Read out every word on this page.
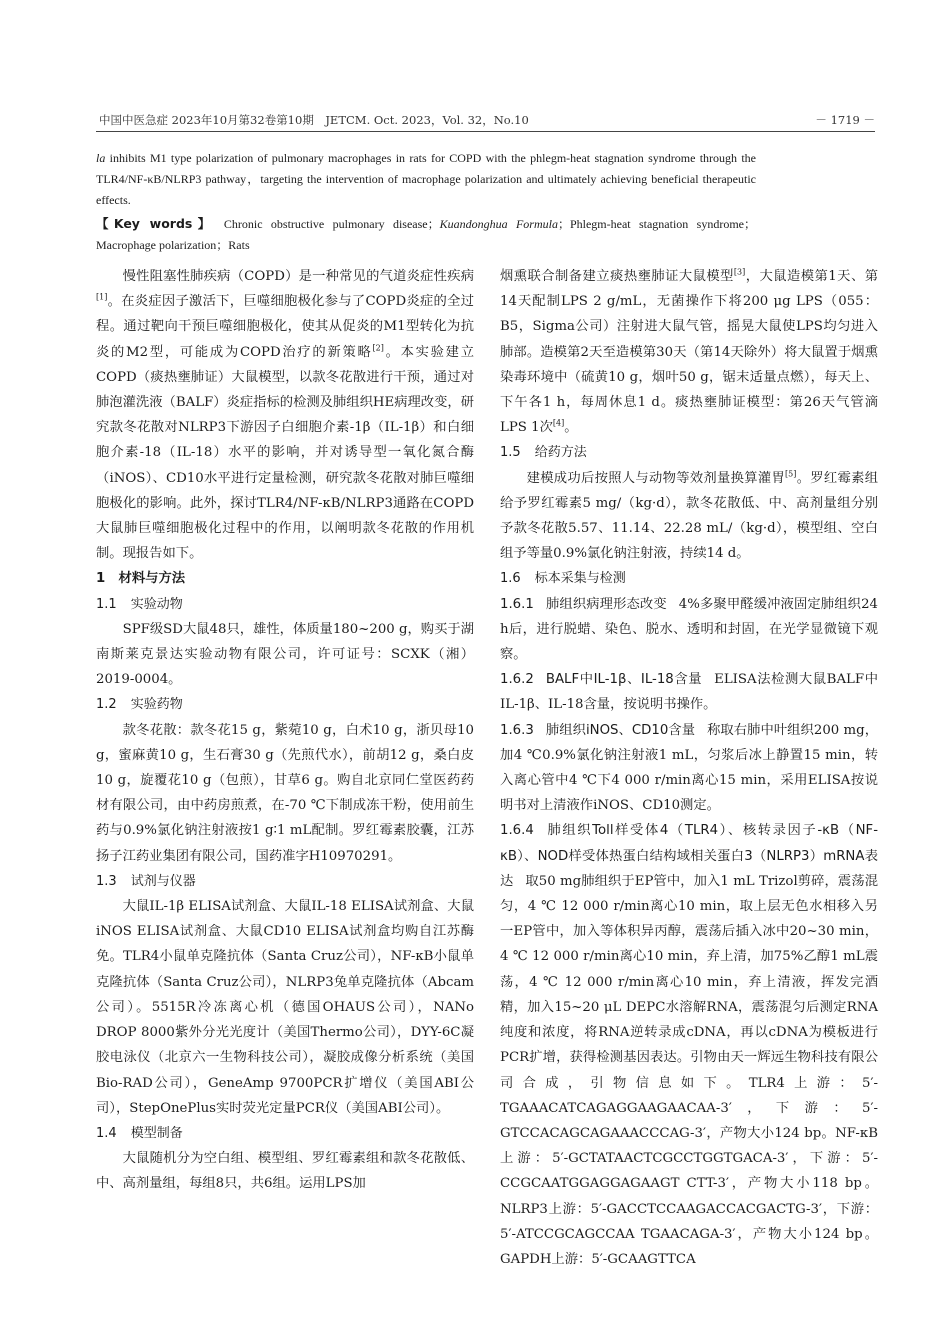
中国中医急症 2023年10月第32卷第10期　JETCM. Oct. 2023，Vol. 32，No.10	－ 1719 －

la inhibits M1 type polarization of pulmonary macrophages in rats for COPD with the phlegm-heat stagnation syndrome through the TLR4/NF-κB/NLRP3 pathway，targeting the intervention of macrophage polarization and ultimately achieving beneficial therapeutic effects.

【Key words】 Chronic obstructive pulmonary disease；Kuandonghua Formula；Phlegm-heat stagnation syndrome；Macrophage polarization；Rats

慢性阻塞性肺疾病（COPD）是一种常见的气道炎症性疾病[1]。在炎症因子激活下，巨噬细胞极化参与了COPD炎症的全过程。通过靶向干预巨噬细胞极化，使其从促炎的M1型转化为抗炎的M2型，可能成为COPD治疗的新策略[2]。本实验建立COPD（痰热壅肺证）大鼠模型，以款冬花散进行干预，通过对肺泡灌洗液（BALF）炎症指标的检测及肺组织HE病理改变，研究款冬花散对NLRP3下游因子白细胞介素-1β（IL-1β）和白细胞介素-18（IL-18）水平的影响，并对诱导型一氧化氮合酶（iNOS）、CD10水平进行定量检测，研究款冬花散对肺巨噬细胞极化的影响。此外，探讨TLR4/NF-κB/NLRP3通路在COPD大鼠肺巨噬细胞极化过程中的作用，以阐明款冬花散的作用机制。现报告如下。

1　材料与方法

1.1 实验动物

SPF级SD大鼠48只，雄性，体质量180~200 g，购买于湖南斯莱克景达实验动物有限公司，许可证号：SCXK（湘）2019-0004。

1.2 实验药物

款冬花散：款冬花15 g，紫菀10 g，白术10 g，浙贝母10 g，蜜麻黄10 g，生石膏30 g（先煎代水），前胡12 g，桑白皮10 g，旋覆花10 g（包煎），甘草6 g。购自北京同仁堂医药药材有限公司，由中药房煎煮，在-70 ℃下制成冻干粉，使用前生药与0.9%氯化钠注射液按1 g∶1 mL配制。罗红霉素胶囊，江苏扬子江药业集团有限公司，国药准字H10970291。

1.3 试剂与仪器

大鼠IL-1β ELISA试剂盒、大鼠IL-18 ELISA试剂盒、大鼠iNOS ELISA试剂盒、大鼠CD10 ELISA试剂盒均购自江苏酶免。TLR4小鼠单克隆抗体（Santa Cruz公司），NF-κB小鼠单克隆抗体（Santa Cruz公司），NLRP3兔单克隆抗体（Abcam公司）。5515R冷冻离心机（德国OHAUS公司），NANo DROP 8000紫外分光光度计（美国Thermo公司），DYY-6C凝胶电泳仪（北京六一生物科技公司），凝胶成像分析系统（美国Bio-RAD公司），GeneAmp 9700PCR扩增仪（美国ABI公司），StepOnePlus实时荧光定量PCR仪（美国ABI公司）。

1.4 模型制备

大鼠随机分为空白组、模型组、罗红霉素组和款冬花散低、中、高剂量组，每组8只，共6组。运用LPS加

烟熏联合制备建立痰热壅肺证大鼠模型[3]，大鼠造模第1天、第14天配制LPS 2 g/mL，无菌操作下将200 μg LPS（055：B5，Sigma公司）注射进大鼠气管，摇晃大鼠使LPS均匀进入肺部。造模第2天至造模第30天（第14天除外）将大鼠置于烟熏染毒环境中（硫黄10 g，烟叶50 g，锯末适量点燃），每天上、下午各1 h，每周休息1 d。痰热壅肺证模型：第26天气管滴LPS 1次[4]。

1.5 给药方法

建模成功后按照人与动物等效剂量换算灌胃[5]。罗红霉素组给予罗红霉素5 mg/（kg·d），款冬花散低、中、高剂量组分别予款冬花散5.57、11.14、22.28 mL/（kg·d），模型组、空白组予等量0.9%氯化钠注射液，持续14 d。

1.6 标本采集与检测

1.6.1 肺组织病理形态改变 4%多聚甲醛缓冲液固定肺组织24 h后，进行脱蜡、染色、脱水、透明和封固，在光学显微镜下观察。

1.6.2 BALF中IL-1β、IL-18含量 ELISA法检测大鼠BALF中IL-1β、IL-18含量，按说明书操作。

1.6.3 肺组织iNOS、CD10含量 称取右肺中叶组织200 mg，加4 ℃0.9%氯化钠注射液1 mL，匀浆后冰上静置15 min，转入离心管中4 ℃下4 000 r/min离心15 min，采用ELISA按说明书对上清液作iNOS、CD10测定。

1.6.4 肺组织Toll样受体4（TLR4）、核转录因子-κB（NF-κB）、NOD样受体热蛋白结构域相关蛋白3（NLRP3）mRNA表达 取50 mg肺组织于EP管中，加入1 mL Trizol剪碎，震荡混匀，4 ℃ 12 000 r/min离心10 min，取上层无色水相移入另一EP管中，加入等体积异丙醇，震荡后插入冰中20~30 min，4 ℃ 12 000 r/min离心10 min，弃上清，加75%乙醇1 mL震荡，4 ℃ 12 000 r/min离心10 min，弃上清液，挥发完酒精，加入15~20 μL DEPC水溶解RNA，震荡混匀后测定RNA纯度和浓度，将RNA逆转录成cDNA，再以cDNA为模板进行PCR扩增，获得检测基因表达。引物由天一辉远生物科技有限公司合成，引物信息如下。TLR4上游：5′-TGAAACATCAGAGGAAGAACAA-3′，下游：5′-GTCCACAGCAGAAACCCAG-3′，产物大小124 bp。NF-κB上游：5′-GCTATAACTCGCCTGGTGACA-3′，下游：5′-CCGCAATGGAGGAGAAGT CTT-3′，产物大小118 bp。NLRP3上游：5′-GACCTCCAAGACCACGACTG-3′，下游：5′-ATCCGCAGCCAA TGAACAGA-3′，产物大小124 bp。GAPDH上游：5′-GCAAGTTCA
